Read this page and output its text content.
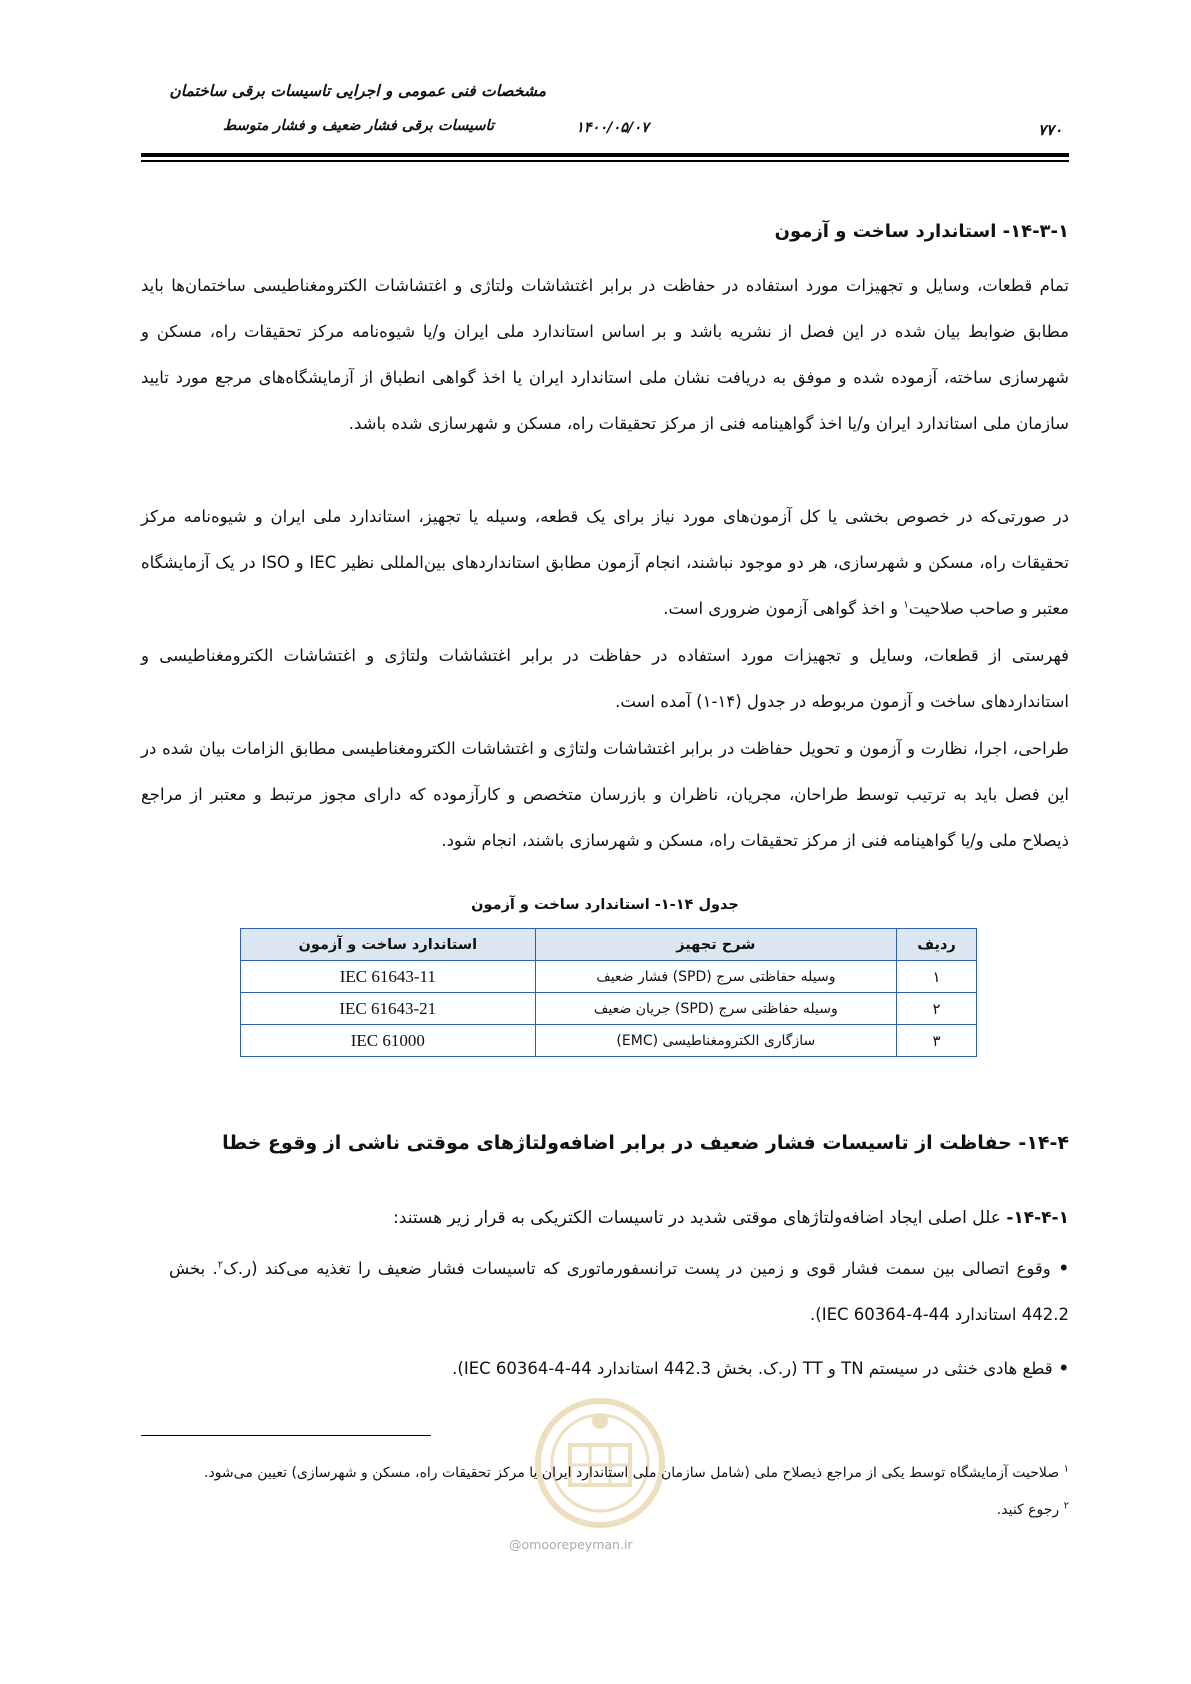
مشخصات فنی عمومی و اجرایی تاسیسات برقی ساختمان
تاسیسات برقی فشار ضعیف و فشار متوسط	۱۴۰۰/۰۵/۰۷	۷۷۰
۱۴-۳-۱- استاندارد ساخت و آزمون
تمام قطعات، وسایل و تجهیزات مورد استفاده در حفاظت در برابر اغتشاشات ولتاژی و اغتشاشات الکترومغناطیسی ساختمان‌ها باید مطابق ضوابط بیان شده در این فصل از نشریه باشد و بر اساس استاندارد ملی ایران و/یا شیوه‌نامه مرکز تحقیقات راه، مسکن و شهرسازی ساخته، آزموده شده و موفق به دریافت نشان ملی استاندارد ایران یا اخذ گواهی انطباق از آزمایشگاه‌های مرجع مورد تایید سازمان ملی استاندارد ایران و/یا اخذ گواهینامه فنی از مرکز تحقیقات راه، مسکن و شهرسازی شده باشد.
در صورتی‌که در خصوص بخشی یا کل آزمون‌های مورد نیاز برای یک قطعه، وسیله یا تجهیز، استاندارد ملی ایران و شیوه‌نامه مرکز تحقیقات راه، مسکن و شهرسازی، هر دو موجود نباشند، انجام آزمون مطابق استانداردهای بین‌المللی نظیر IEC و ISO در یک آزمایشگاه معتبر و صاحب صلاحیت$^۱$ و اخذ گواهی آزمون ضروری است.
فهرستی از قطعات، وسایل و تجهیزات مورد استفاده در حفاظت در برابر اغتشاشات ولتاژی و اغتشاشات الکترومغناطیسی و استانداردهای ساخت و آزمون مربوطه در جدول (۱۴-۱) آمده است.
طراحی، اجرا، نظارت و آزمون و تحویل حفاظت در برابر اغتشاشات ولتاژی و اغتشاشات الکترومغناطیسی مطابق الزامات بیان شده در این فصل باید به ترتیب توسط طراحان، مجریان، ناظران و بازرسان متخصص و کارآزموده که دارای مجوز مرتبط و معتبر از مراجع ذیصلاح ملی و/یا گواهینامه فنی از مرکز تحقیقات راه، مسکن و شهرسازی باشند، انجام شود.
جدول ۱۴-۱- استاندارد ساخت و آزمون
ردیف	شرح تجهیز	استاندارد ساخت و آزمون
۱	وسیله حفاظتی سرج (SPD) فشار ضعیف	IEC 61643-11
۲	وسیله حفاظتی سرج (SPD) جریان ضعیف	IEC 61643-21
۳	سازگاری الکترومغناطیسی (EMC)	IEC 61000
۱۴-۴- حفاظت از تاسیسات فشار ضعیف در برابر اضافه‌ولتاژهای موقتی ناشی از وقوع خطا
۱۴-۴-۱- علل اصلی ایجاد اضافه‌ولتاژهای موقتی شدید در تاسیسات الکتریکی به قرار زیر هستند:
• وقوع اتصالی بین سمت فشار قوی و زمین در پست ترانسفورماتوری که تاسیسات فشار ضعیف را تغذیه می‌کند (ر.ک$^۲$. بخش 442.2 استاندارد IEC 60364-4-44).
• قطع هادی خنثی در سیستم TN و TT (ر.ک. بخش 442.3 استاندارد IEC 60364-4-44).
@omoorepeyman.ir
$^۱$ صلاحیت آزمایشگاه توسط یکی از مراجع ذیصلاح ملی (شامل سازمان ملی استاندارد ایران یا مرکز تحقیقات راه، مسکن و شهرسازی) تعیین می‌شود.
$^۲$ رجوع کنید.
